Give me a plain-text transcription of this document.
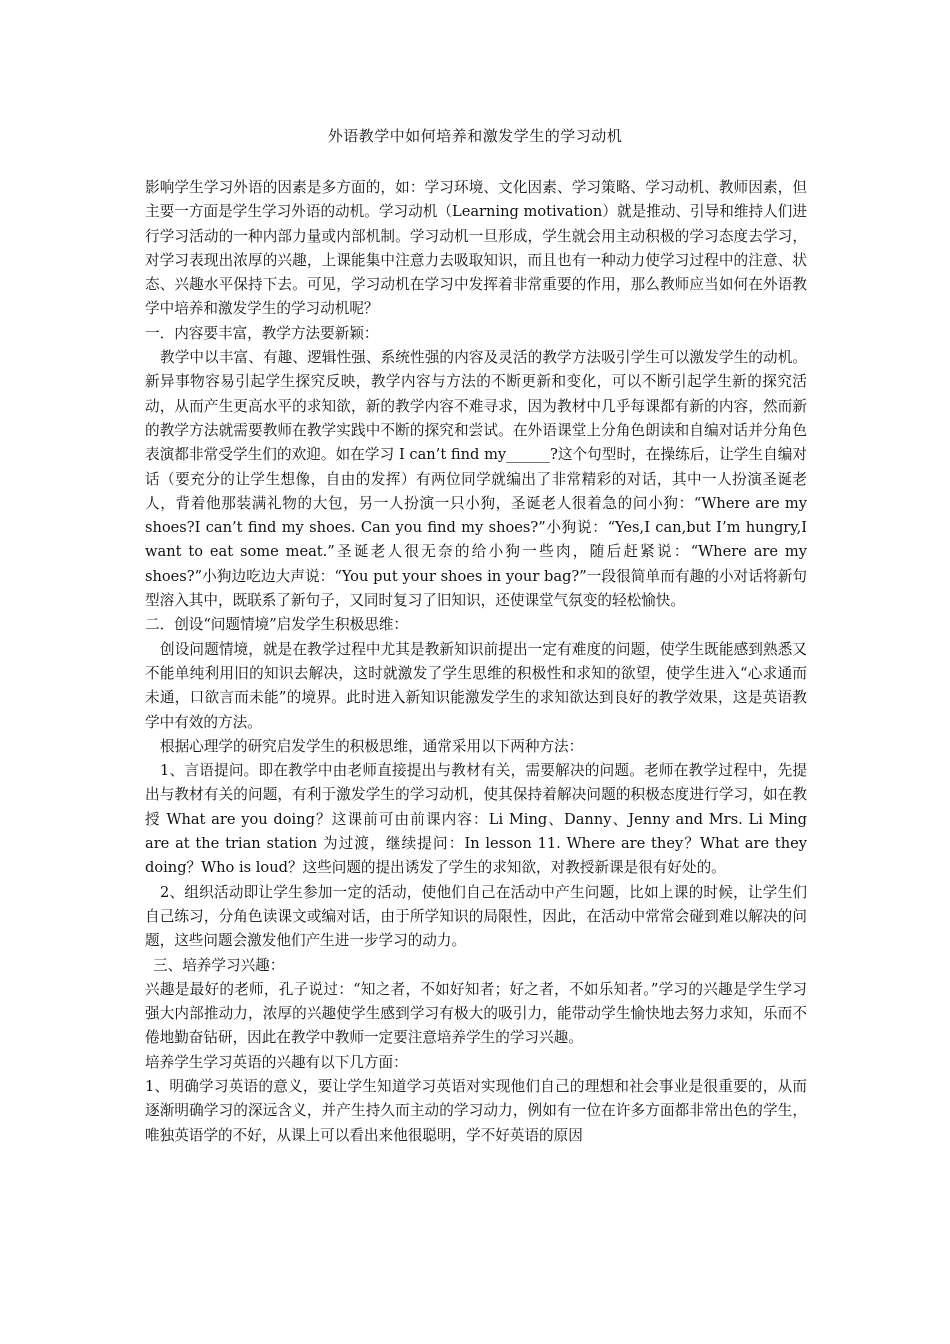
外语教学中如何培养和激发学生的学习动机

影响学生学习外语的因素是多方面的，如：学习环境、文化因素、学习策略、学习动机、教师因素，但主要一方面是学生学习外语的动机。学习动机（Learning motivation）就是推动、引导和维持人们进行学习活动的一种内部力量或内部机制。学习动机一旦形成，学生就会用主动积极的学习态度去学习，对学习表现出浓厚的兴趣，上课能集中注意力去吸取知识，而且也有一种动力使学习过程中的注意、状态、兴趣水平保持下去。可见，学习动机在学习中发挥着非常重要的作用，那么教师应当如何在外语教学中培养和激发学生的学习动机呢？

一．内容要丰富，教学方法要新颖：

教学中以丰富、有趣、逻辑性强、系统性强的内容及灵活的教学方法吸引学生可以激发学生的动机。新异事物容易引起学生探究反映，教学内容与方法的不断更新和变化，可以不断引起学生新的探究活动，从而产生更高水平的求知欲，新的教学内容不难寻求，因为教材中几乎每课都有新的内容，然而新的教学方法就需要教师在教学实践中不断的探究和尝试。在外语课堂上分角色朗读和自编对话并分角色表演都非常受学生们的欢迎。如在学习 I can’t find my______?这个句型时，在操练后，让学生自编对话（要充分的让学生想像，自由的发挥）有两位同学就编出了非常精彩的对话，其中一人扮演圣诞老人，背着他那装满礼物的大包，另一人扮演一只小狗，圣诞老人很着急的问小狗：“Where are my shoes?I can’t find my shoes. Can you find my shoes?”小狗说：“Yes,I can,but I’m hungry,I want to eat some meat.”圣诞老人很无奈的给小狗一些肉，随后赶紧说：“Where are my shoes?”小狗边吃边大声说：“You put your shoes in your bag?”一段很简单而有趣的小对话将新句型溶入其中，既联系了新句子，又同时复习了旧知识，还使课堂气氛变的轻松愉快。

二．创设“问题情境”启发学生积极思维：

创设问题情境，就是在教学过程中尤其是教新知识前提出一定有难度的问题，使学生既能感到熟悉又不能单纯利用旧的知识去解决，这时就激发了学生思维的积极性和求知的欲望，使学生进入“心求通而未通，口欲言而未能”的境界。此时进入新知识能激发学生的求知欲达到良好的教学效果，这是英语教学中有效的方法。

根据心理学的研究启发学生的积极思维，通常采用以下两种方法：

1、言语提问。即在教学中由老师直接提出与教材有关，需要解决的问题。老师在教学过程中，先提出与教材有关的问题，有利于激发学生的学习动机，使其保持着解决问题的积极态度进行学习，如在教授 What are you doing？这课前可由前课内容：Li Ming、Danny、Jenny and Mrs. Li Ming are at the trian station 为过渡，继续提问：In lesson 11. Where are they？What are they doing？Who is loud？这些问题的提出诱发了学生的求知欲，对教授新课是很有好处的。

2、组织活动即让学生参加一定的活动，使他们自己在活动中产生问题，比如上课的时候，让学生们自己练习，分角色读课文或编对话，由于所学知识的局限性，因此，在活动中常常会碰到难以解决的问题，这些问题会激发他们产生进一步学习的动力。

三、培养学习兴趣：

兴趣是最好的老师，孔子说过：“知之者，不如好知者；好之者，不如乐知者。”学习的兴趣是学生学习强大内部推动力，浓厚的兴趣使学生感到学习有极大的吸引力，能带动学生愉快地去努力求知，乐而不倦地勤奋钻研，因此在教学中教师一定要注意培养学生的学习兴趣。

培养学生学习英语的兴趣有以下几方面：

1、明确学习英语的意义，要让学生知道学习英语对实现他们自己的理想和社会事业是很重要的，从而逐渐明确学习的深远含义，并产生持久而主动的学习动力，例如有一位在许多方面都非常出色的学生，唯独英语学的不好，从课上可以看出来他很聪明，学不好英语的原因
